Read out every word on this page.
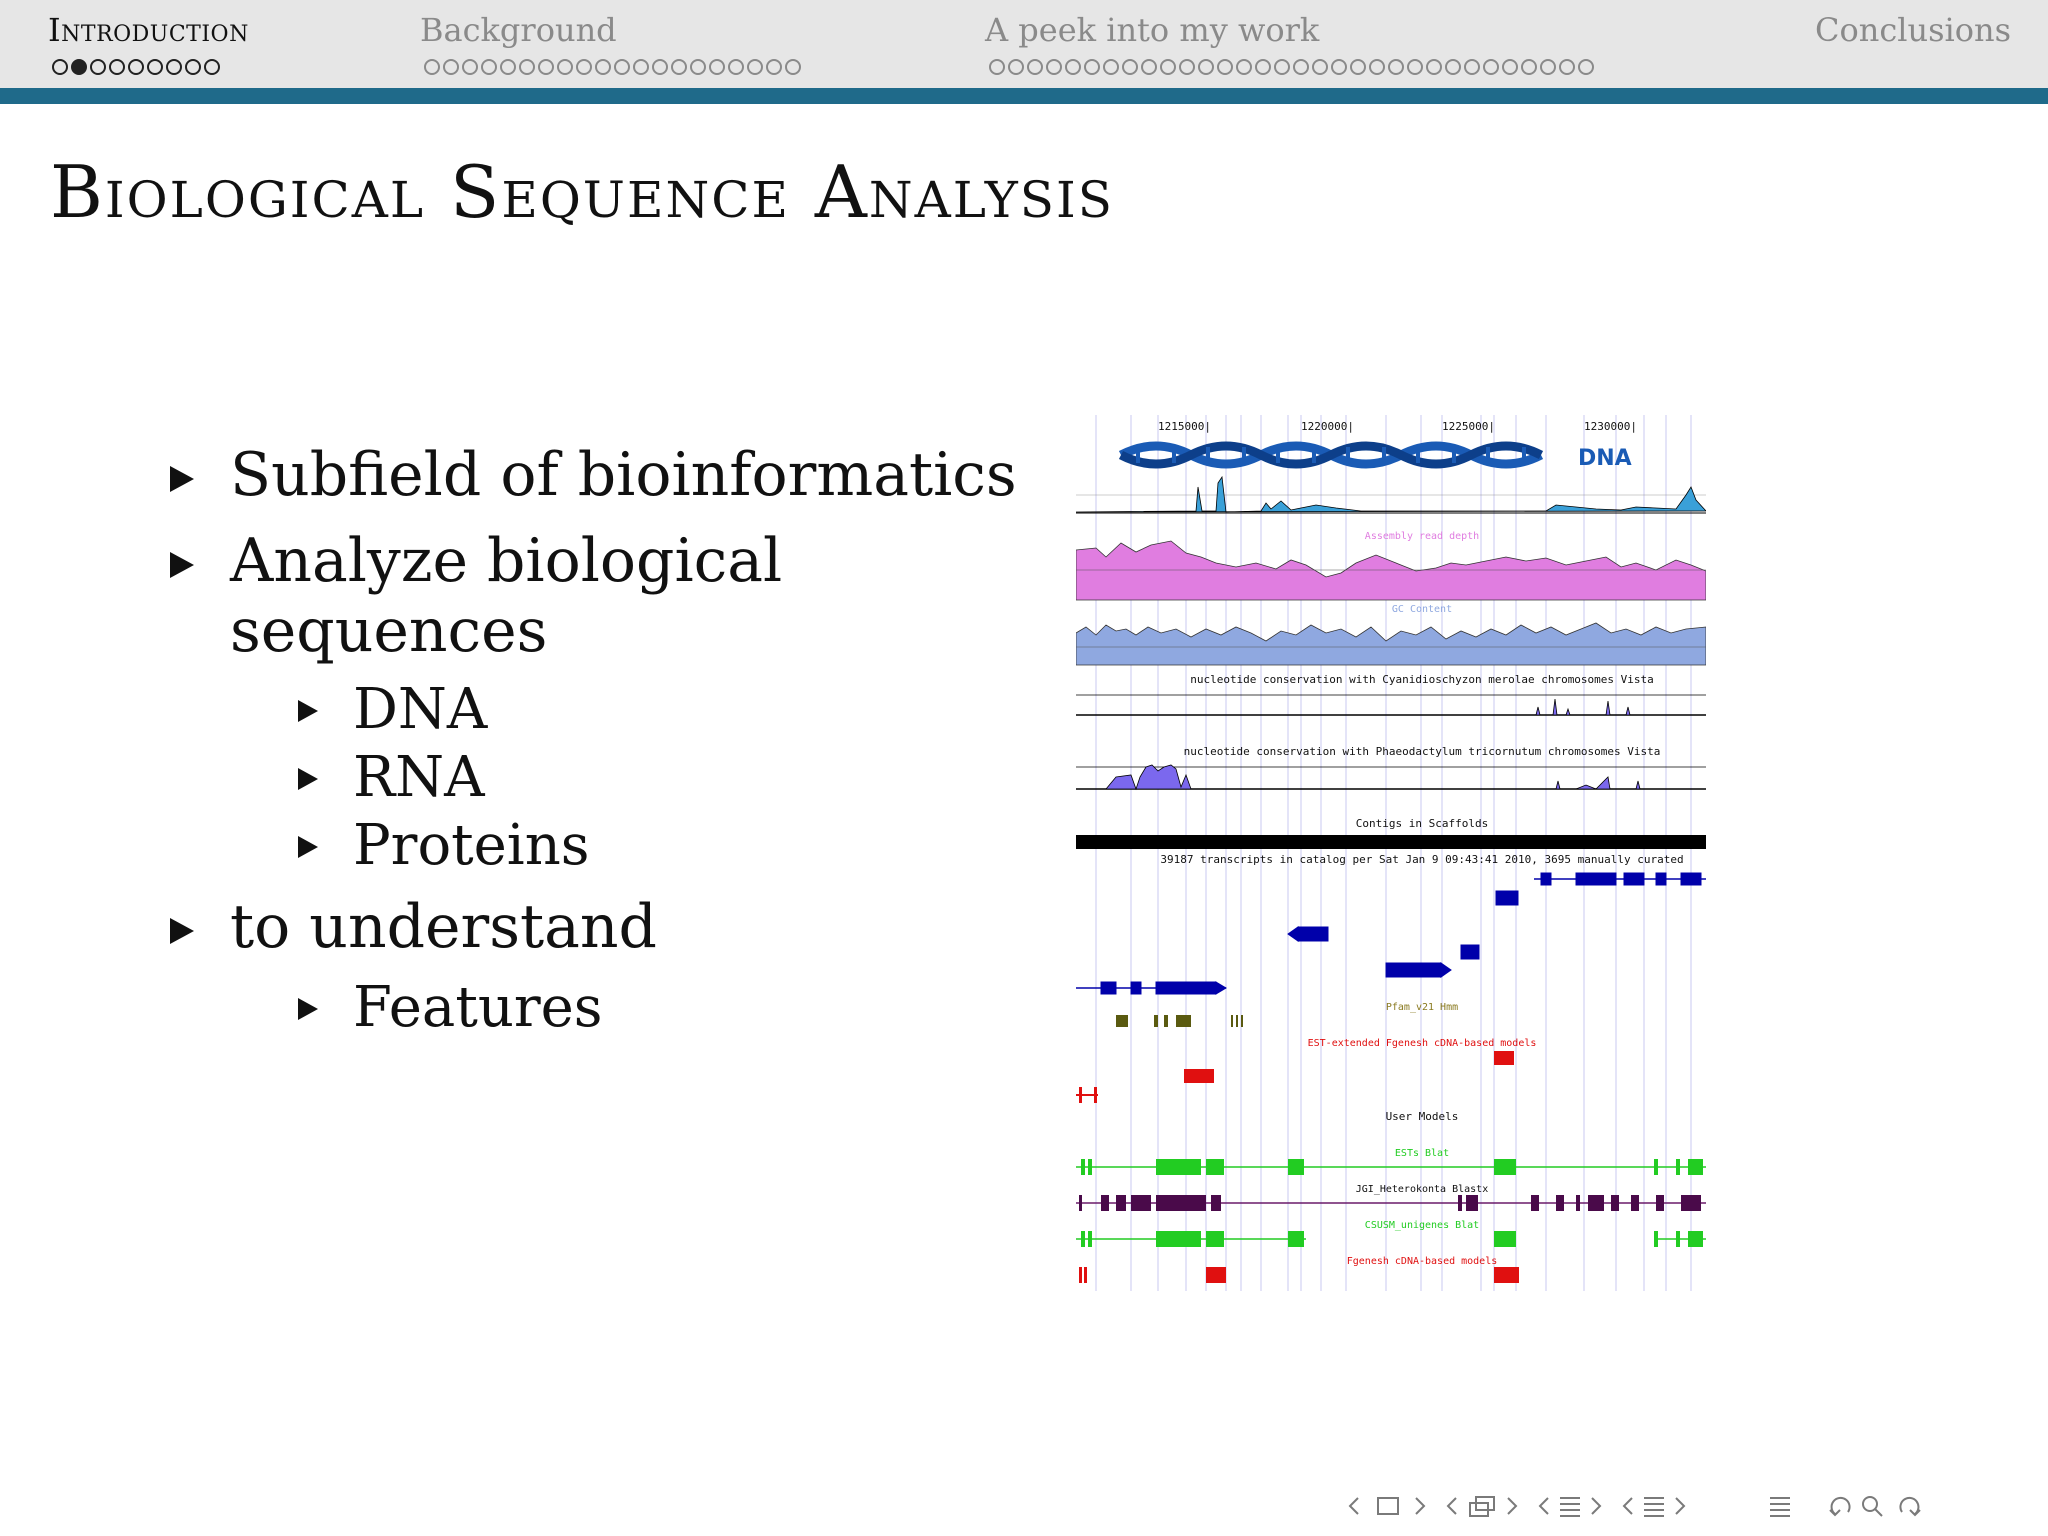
Introduction	Background	A peek into my work	Conclusions
Biological Sequence Analysis
Subfield of bioinformatics
Analyze biological sequences
DNA
RNA
Proteins
to understand
Features
1215000|	1220000|	1225000|	1230000|
DNA
Assembly read depth
GC Content
nucleotide conservation with Cyanidioschyzon merolae chromosomes Vista
nucleotide conservation with Phaeodactylum tricornutum chromosomes Vista
Contigs in Scaffolds
39187 transcripts in catalog per Sat Jan 9 09:43:41 2010, 3695 manually curated
Pfam_v21 Hmm
EST-extended Fgenesh cDNA-based models
User Models
ESTs Blat
JGI_Heterokonta Blastx
CSUSM_unigenes Blat
Fgenesh cDNA-based models
